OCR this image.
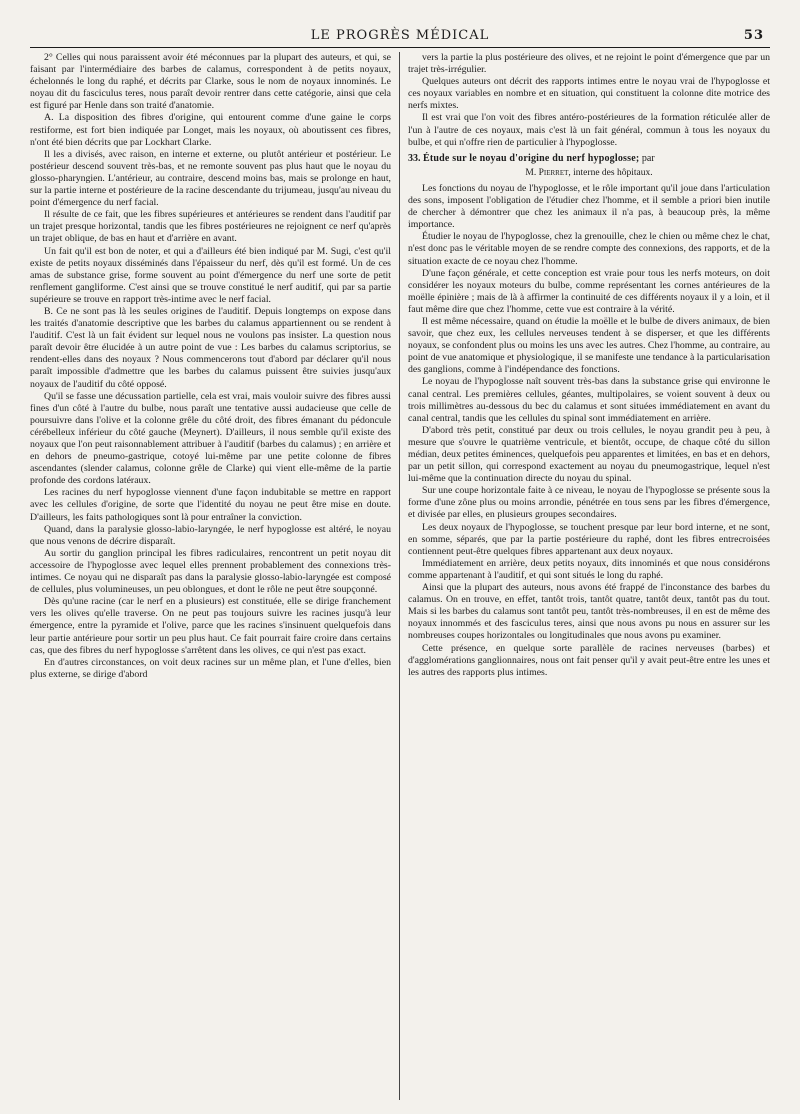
LE PROGRÈS MÉDICAL	53

2° Celles qui nous paraissent avoir été méconnues par la plupart des auteurs, et qui, se faisant par l'intermédiaire des barbes de calamus, correspondent à de petits noyaux, échelonnés le long du raphé, et décrits par Clarke, sous le nom de noyaux innominés. Le noyau dit du fasciculus teres, nous paraît devoir rentrer dans cette catégorie, ainsi que cela est figuré par Henle dans son traité d'anatomie.

A. La disposition des fibres d'origine, qui entourent comme d'une gaine le corps restiforme, est fort bien indiquée par Longet, mais les noyaux, où aboutissent ces fibres, n'ont été bien décrits que par Lockhart Clarke.

Il les a divisés, avec raison, en interne et externe, ou plutôt antérieur et postérieur. Le postérieur descend souvent très-bas, et ne remonte souvent pas plus haut que le noyau du glosso-pharyngien. L'antérieur, au contraire, descend moins bas, mais se prolonge en haut, sur la partie interne et postérieure de la racine descendante du trijumeau, jusqu'au niveau du point d'émergence du nerf facial.

Il résulte de ce fait, que les fibres supérieures et antérieures se rendent dans l'auditif par un trajet presque horizontal, tandis que les fibres postérieures ne rejoignent ce nerf qu'après un trajet oblique, de bas en haut et d'arrière en avant.

Un fait qu'il est bon de noter, et qui a d'ailleurs été bien indiqué par M. Sugi, c'est qu'il existe de petits noyaux disséminés dans l'épaisseur du nerf, dès qu'il est formé. Un de ces amas de substance grise, forme souvent au point d'émergence du nerf une sorte de petit renflement gangliforme. C'est ainsi que se trouve constitué le nerf auditif, qui par sa partie supérieure se trouve en rapport très-intime avec le nerf facial.

B. Ce ne sont pas là les seules origines de l'auditif. Depuis longtemps on expose dans les traités d'anatomie descriptive que les barbes du calamus appartiennent ou se rendent à l'auditif. C'est là un fait évident sur lequel nous ne voulons pas insister. La question nous paraît devoir être élucidée à un autre point de vue : Les barbes du calamus scriptorius, se rendent-elles dans des noyaux ? Nous commencerons tout d'abord par déclarer qu'il nous paraît impossible d'admettre que les barbes du calamus puissent être suivies jusqu'aux noyaux de l'auditif du côté opposé.

Qu'il se fasse une décussation partielle, cela est vrai, mais vouloir suivre des fibres aussi fines d'un côté à l'autre du bulbe, nous paraît une tentative aussi audacieuse que celle de poursuivre dans l'olive et la colonne grêle du côté droit, des fibres émanant du pédoncule cérébelleux inférieur du côté gauche (Meynert). D'ailleurs, il nous semble qu'il existe des noyaux que l'on peut raisonnablement attribuer à l'auditif (barbes du calamus) ; en arrière et en dehors de pneumo-gastrique, cotoyé lui-même par une petite colonne de fibres ascendantes (slender calamus, colonne grêle de Clarke) qui vient elle-même de la partie profonde des cordons latéraux.

Les racines du nerf hypoglosse viennent d'une façon indubitable se mettre en rapport avec les cellules d'origine, de sorte que l'identité du noyau ne peut être mise en doute. D'ailleurs, les faits pathologiques sont là pour entraîner la conviction.

Quand, dans la paralysie glosso-labio-laryngée, le nerf hypoglosse est altéré, le noyau que nous venons de décrire disparaît.

Au sortir du ganglion principal les fibres radiculaires, rencontrent un petit noyau dit accessoire de l'hypoglosse avec lequel elles prennent probablement des connexions très-intimes. Ce noyau qui ne disparaît pas dans la paralysie glosso-labio-laryngée est composé de cellules, plus volumineuses, un peu oblongues, et dont le rôle ne peut être soupçonné.

Dès qu'une racine (car le nerf en a plusieurs) est constituée, elle se dirige franchement vers les olives qu'elle traverse. On ne peut pas toujours suivre les racines jusqu'à leur émergence, entre la pyramide et l'olive, parce que les racines s'insinuent quelquefois dans leur partie antérieure pour sortir un peu plus haut. Ce fait pourrait faire croire dans certains cas, que des fibres du nerf hypoglosse s'arrêtent dans les olives, ce qui n'est pas exact.

En d'autres circonstances, on voit deux racines sur un même plan, et l'une d'elles, bien plus externe, se dirige d'abord

vers la partie la plus postérieure des olives, et ne rejoint le point d'émergence que par un trajet très-irrégulier.

Quelques auteurs ont décrit des rapports intimes entre le noyau vrai de l'hypoglosse et ces noyaux variables en nombre et en situation, qui constituent la colonne dite motrice des nerfs mixtes.

Il est vrai que l'on voit des fibres antéro-postérieures de la formation réticulée aller de l'un à l'autre de ces noyaux, mais c'est là un fait général, commun à tous les noyaux du bulbe, et qui n'offre rien de particulier à l'hypoglosse.

33. Étude sur le noyau d'origine du nerf hypoglosse; par

M. Pierret, interne des hôpitaux.

Les fonctions du noyau de l'hypoglosse, et le rôle important qu'il joue dans l'articulation des sons, imposent l'obligation de l'étudier chez l'homme, et il semble a priori bien inutile de chercher à démontrer que chez les animaux il n'a pas, à beaucoup près, la même importance.

Étudier le noyau de l'hypoglosse, chez la grenouille, chez le chien ou même chez le chat, n'est donc pas le véritable moyen de se rendre compte des connexions, des rapports, et de la situation exacte de ce noyau chez l'homme.

D'une façon générale, et cette conception est vraie pour tous les nerfs moteurs, on doit considérer les noyaux moteurs du bulbe, comme représentant les cornes antérieures de la moëlle épinière ; mais de là à affirmer la continuité de ces différents noyaux il y a loin, et il faut même dire que chez l'homme, cette vue est contraire à la vérité.

Il est même nécessaire, quand on étudie la moëlle et le bulbe de divers animaux, de bien savoir, que chez eux, les cellules nerveuses tendent à se disperser, et que les différents noyaux, se confondent plus ou moins les uns avec les autres. Chez l'homme, au contraire, au point de vue anatomique et physiologique, il se manifeste une tendance à la particularisation des ganglions, comme à l'indépendance des fonctions.

Le noyau de l'hypoglosse naît souvent très-bas dans la substance grise qui environne le canal central. Les premières cellules, géantes, multipolaires, se voient souvent à deux ou trois millimètres au-dessous du bec du calamus et sont situées immédiatement en avant du canal central, tandis que les cellules du spinal sont immédiatement en arrière.

D'abord très petit, constitué par deux ou trois cellules, le noyau grandit peu à peu, à mesure que s'ouvre le quatrième ventricule, et bientôt, occupe, de chaque côté du sillon médian, deux petites éminences, quelquefois peu apparentes et limitées, en bas et en dehors, par un petit sillon, qui correspond exactement au noyau du pneumogastrique, lequel n'est lui-même que la continuation directe du noyau du spinal.

Sur une coupe horizontale faite à ce niveau, le noyau de l'hypoglosse se présente sous la forme d'une zône plus ou moins arrondie, pénétrée en tous sens par les fibres d'émergence, et divisée par elles, en plusieurs groupes secondaires.

Les deux noyaux de l'hypoglosse, se touchent presque par leur bord interne, et ne sont, en somme, séparés, que par la partie postérieure du raphé, dont les fibres entrecroisées contiennent peut-être quelques fibres appartenant aux deux noyaux.

Immédiatement en arrière, deux petits noyaux, dits innominés et que nous considérons comme appartenant à l'auditif, et qui sont situés le long du raphé.

Ainsi que la plupart des auteurs, nous avons été frappé de l'inconstance des barbes du calamus. On en trouve, en effet, tantôt trois, tantôt quatre, tantôt deux, tantôt pas du tout. Mais si les barbes du calamus sont tantôt peu, tantôt très-nombreuses, il en est de même des noyaux innommés et des fasciculus teres, ainsi que nous avons pu nous en assurer sur les nombreuses coupes horizontales ou longitudinales que nous avons pu examiner.

Cette présence, en quelque sorte parallèle de racines nerveuses (barbes) et d'agglomérations ganglionnaires, nous ont fait penser qu'il y avait peut-être entre les unes et les autres des rapports plus intimes.
